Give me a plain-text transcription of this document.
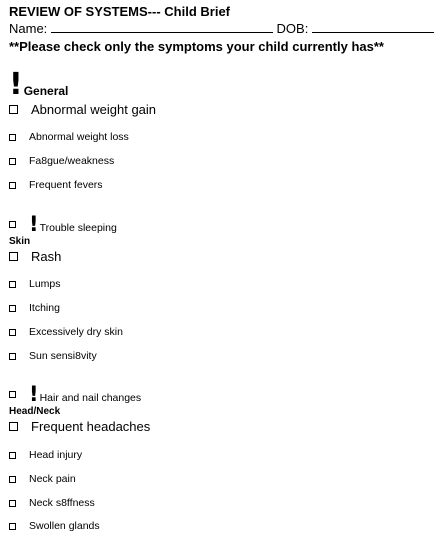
REVIEW OF SYSTEMS--- Child Brief
Name:	DOB:
**Please check only the symptoms your child currently has**
! General
Abnormal weight gain
Abnormal weight loss
Fa8gue/weakness
Frequent fevers
! Trouble sleeping
Skin
Rash
Lumps
Itching
Excessively dry skin
Sun sensi8vity
! Hair and nail changes
Head/Neck
Frequent headaches
Head injury
Neck pain
Neck s8ffness
Swollen glands
